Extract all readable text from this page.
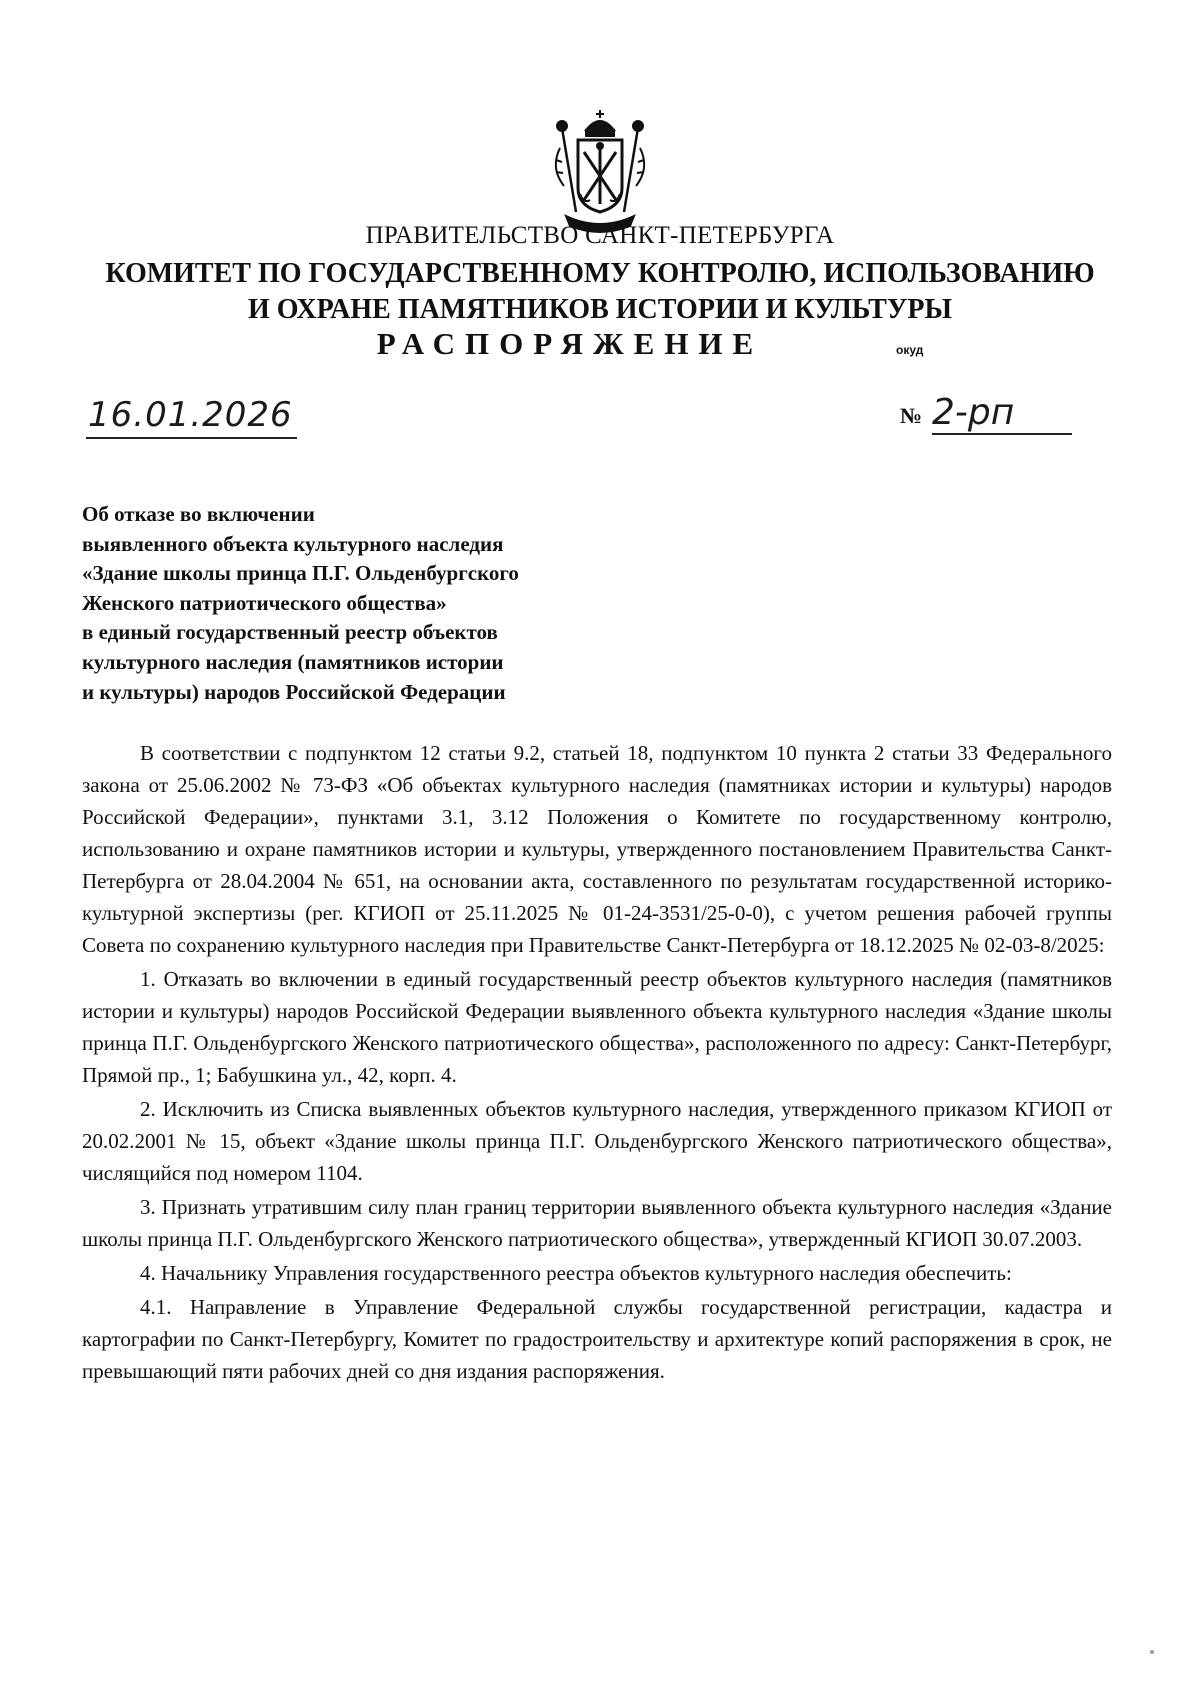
ПРАВИТЕЛЬСТВО САНКТ-ПЕТЕРБУРГА
КОМИТЕТ ПО ГОСУДАРСТВЕННОМУ КОНТРОЛЮ, ИСПОЛЬЗОВАНИЮ
И ОХРАНЕ ПАМЯТНИКОВ ИСТОРИИ И КУЛЬТУРЫ
РАСПОРЯЖЕНИЕ	окуд
16.01.2026	№ 2-рп
Об отказе во включении
выявленного объекта культурного наследия
«Здание школы принца П.Г. Ольденбургского
Женского патриотического общества»
в единый государственный реестр объектов
культурного наследия (памятников истории
и культуры) народов Российской Федерации

В соответствии с подпунктом 12 статьи 9.2, статьей 18, подпунктом 10 пункта 2 статьи 33 Федерального закона от 25.06.2002 № 73-ФЗ «Об объектах культурного наследия (памятниках истории и культуры) народов Российской Федерации», пунктами 3.1, 3.12 Положения о Комитете по государственному контролю, использованию и охране памятников истории и культуры, утвержденного постановлением Правительства Санкт-Петербурга от 28.04.2004 № 651, на основании акта, составленного по результатам государственной историко-культурной экспертизы (рег. КГИОП от 25.11.2025 № 01-24-3531/25-0-0), с учетом решения рабочей группы Совета по сохранению культурного наследия при Правительстве Санкт-Петербурга от 18.12.2025 № 02-03-8/2025:

1. Отказать во включении в единый государственный реестр объектов культурного наследия (памятников истории и культуры) народов Российской Федерации выявленного объекта культурного наследия «Здание школы принца П.Г. Ольденбургского Женского патриотического общества», расположенного по адресу: Санкт-Петербург, Прямой пр., 1; Бабушкина ул., 42, корп. 4.

2. Исключить из Списка выявленных объектов культурного наследия, утвержденного приказом КГИОП от 20.02.2001 № 15, объект «Здание школы принца П.Г. Ольденбургского Женского патриотического общества», числящийся под номером 1104.

3. Признать утратившим силу план границ территории выявленного объекта культурного наследия «Здание школы принца П.Г. Ольденбургского Женского патриотического общества», утвержденный КГИОП 30.07.2003.

4. Начальнику Управления государственного реестра объектов культурного наследия обеспечить:

4.1. Направление в Управление Федеральной службы государственной регистрации, кадастра и картографии по Санкт-Петербургу, Комитет по градостроительству и архитектуре копий распоряжения в срок, не превышающий пяти рабочих дней со дня издания распоряжения.
